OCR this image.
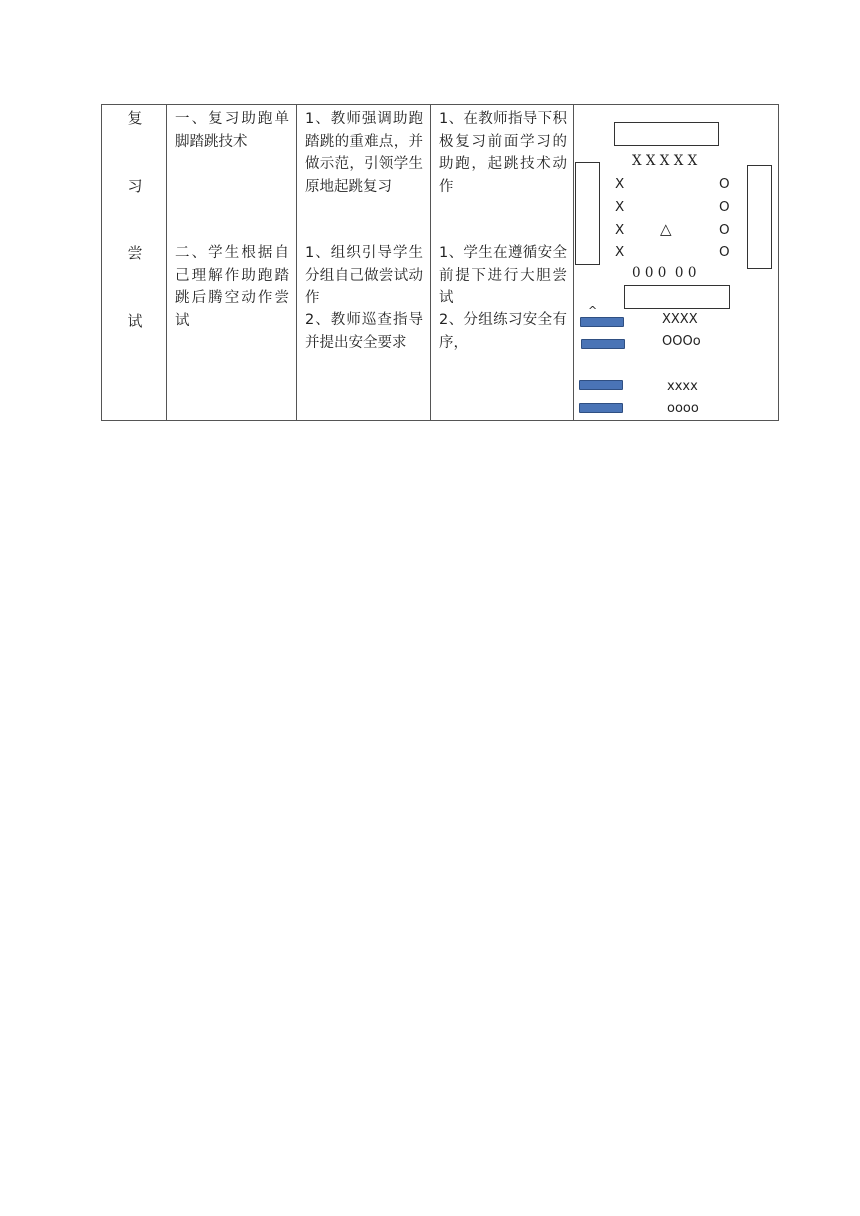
复
习
尝
试
一、复习助跑单脚踏跳技术
二、学生根据自己理解作助跑踏跳后腾空动作尝试
1、教师强调助跑踏跳的重难点，并做示范，引领学生原地起跳复习
1、组织引导学生分组自己做尝试动作
2、教师巡查指导并提出安全要求
1、在教师指导下积极复习前面学习的助跑，起跳技术动作
1、学生在遵循安全前提下进行大胆尝试
2、分组练习安全有序，
X X X X X
X
X
X
X
O
O
O
O
△
0 0 0  0 0
^
XXXX
OOOo
xxxx
oooo
